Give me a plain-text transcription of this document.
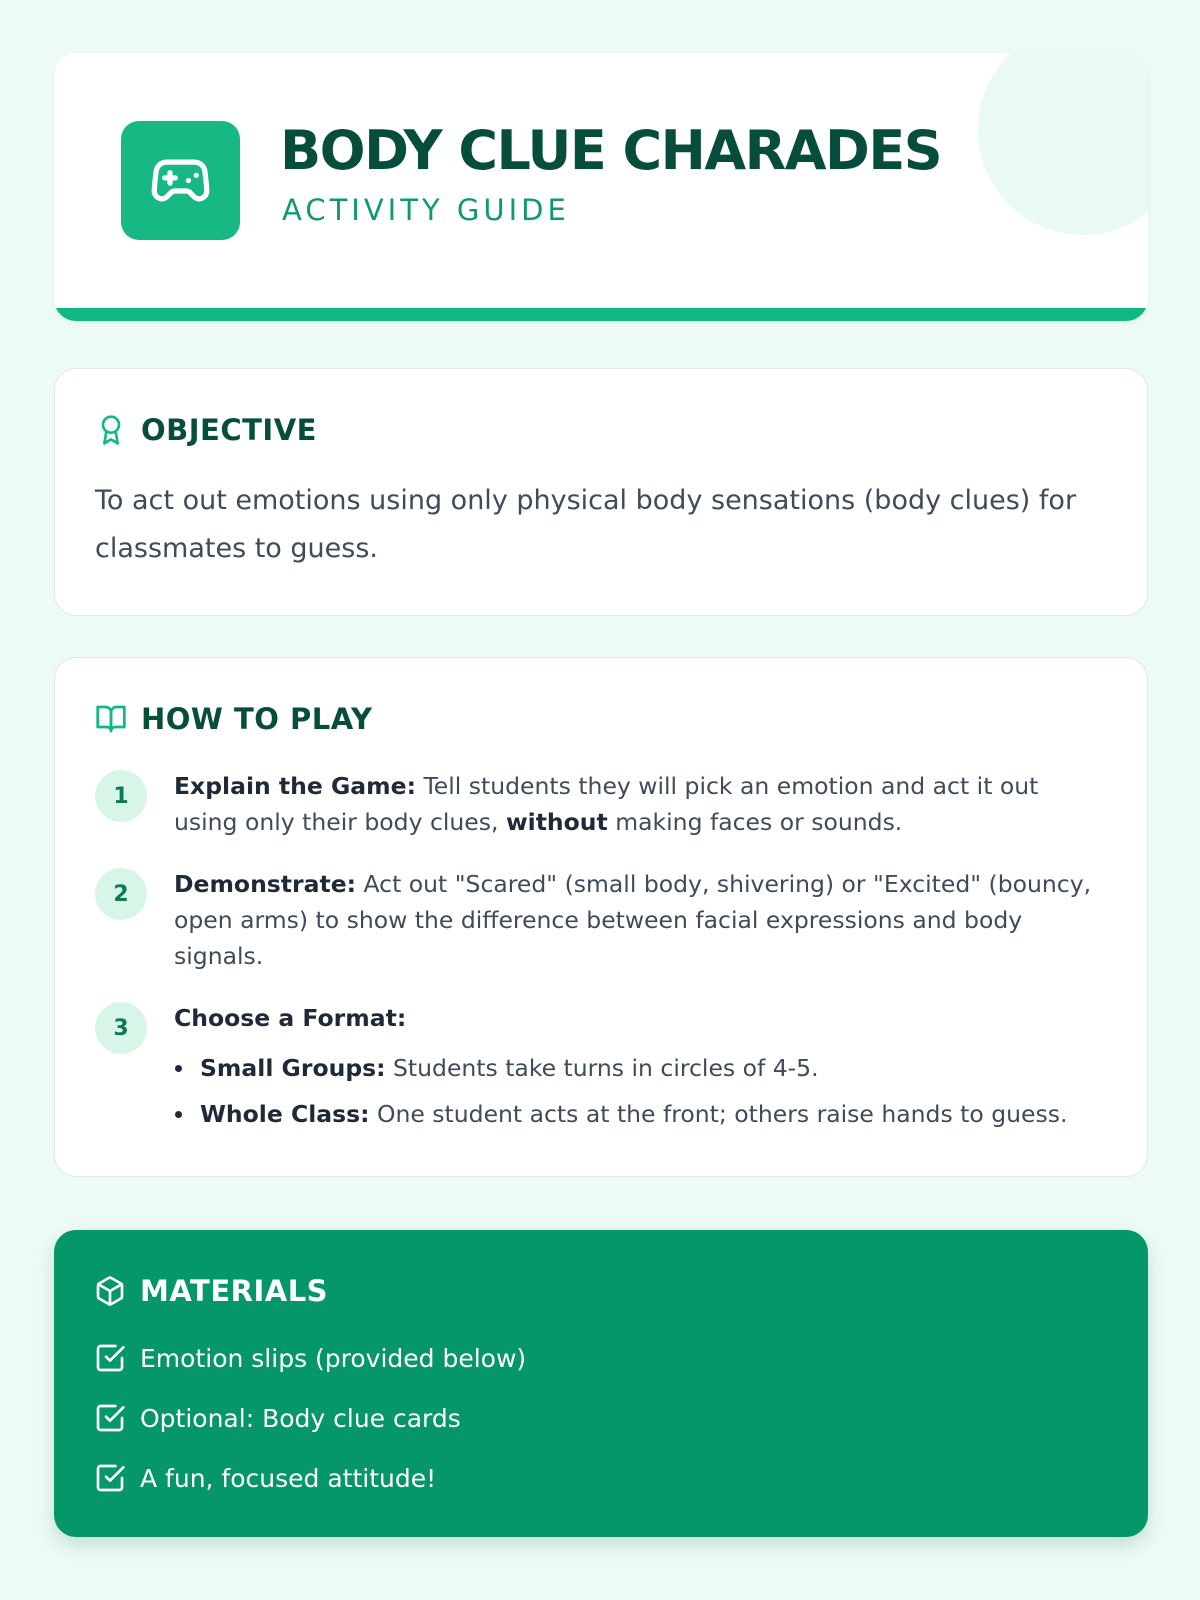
BODY CLUE CHARADES
ACTIVITY GUIDE
OBJECTIVE
To act out emotions using only physical body sensations (body clues) for classmates to guess.
HOW TO PLAY
1	Explain the Game: Tell students they will pick an emotion and act it out using only their body clues, without making faces or sounds.
2	Demonstrate: Act out "Scared" (small body, shivering) or "Excited" (bouncy, open arms) to show the difference between facial expressions and body signals.
3	Choose a Format:
Small Groups: Students take turns in circles of 4-5.
Whole Class: One student acts at the front; others raise hands to guess.
MATERIALS
Emotion slips (provided below)
Optional: Body clue cards
A fun, focused attitude!
